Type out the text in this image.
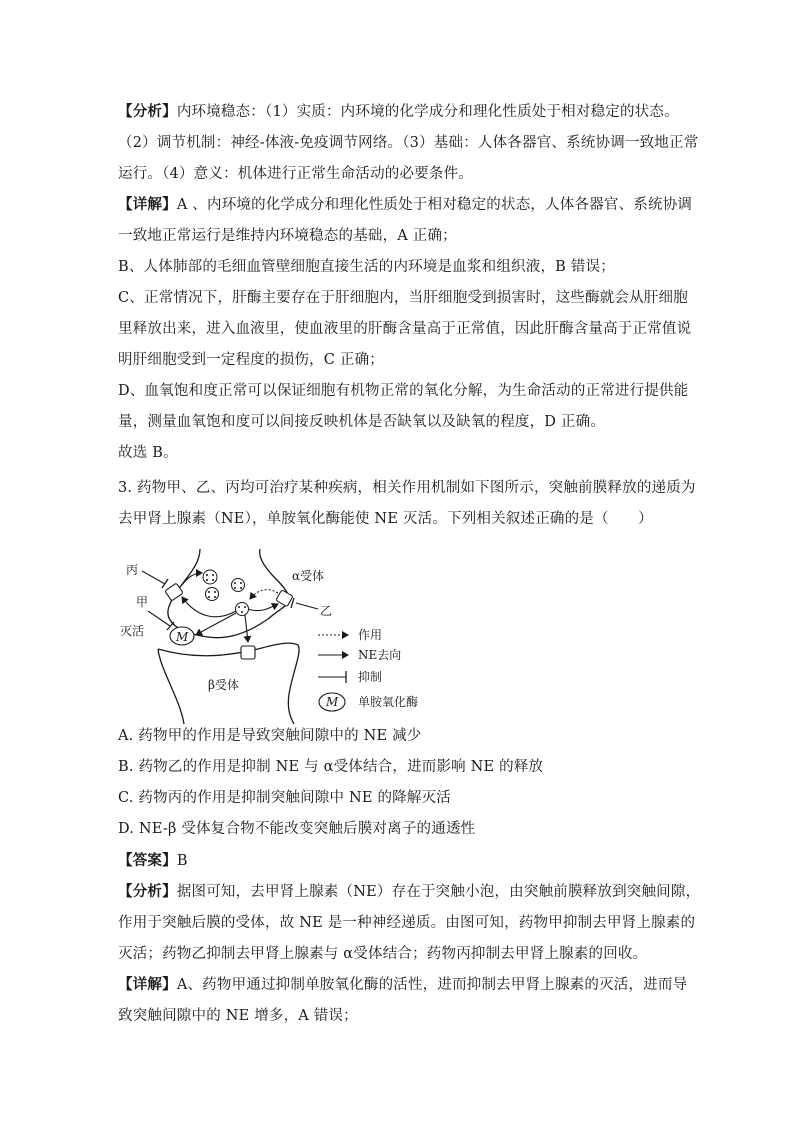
【分析】内环境稳态：（1）实质：内环境的化学成分和理化性质处于相对稳定的状态。
（2）调节机制：神经-体液-免疫调节网络。（3）基础：人体各器官、系统协调一致地正常
运行。（4）意义：机体进行正常生命活动的必要条件。
【详解】A 、内环境的化学成分和理化性质处于相对稳定的状态，人体各器官、系统协调
一致地正常运行是维持内环境稳态的基础，A 正确；
B、人体肺部的毛细血管壁细胞直接生活的内环境是血浆和组织液，B 错误；
C、正常情况下，肝酶主要存在于肝细胞内，当肝细胞受到损害时，这些酶就会从肝细胞
里释放出来，进入血液里，使血液里的肝酶含量高于正常值，因此肝酶含量高于正常值说
明肝细胞受到一定程度的损伤，C 正确；
D、血氧饱和度正常可以保证细胞有机物正常的氧化分解，为生命活动的正常进行提供能
量，测量血氧饱和度可以间接反映机体是否缺氧以及缺氧的程度，D 正确。
故选 B。
3. 药物甲、乙、丙均可治疗某种疾病，相关作用机制如下图所示，突触前膜释放的递质为
去甲肾上腺素（NE），单胺氧化酶能使 NE 灭活。下列相关叙述正确的是（　　）
M
丙
甲
灭活
α受体
乙
β受体
作用
NE去向
抑制
M 单胺氧化酶
A. 药物甲的作用是导致突触间隙中的 NE 减少
B. 药物乙的作用是抑制 NE 与 α受体结合，进而影响 NE 的释放
C. 药物丙的作用是抑制突触间隙中 NE 的降解灭活
D. NE-β 受体复合物不能改变突触后膜对离子的通透性
【答案】B
【分析】据图可知，去甲肾上腺素（NE）存在于突触小泡，由突触前膜释放到突触间隙，
作用于突触后膜的受体，故 NE 是一种神经递质。由图可知，药物甲抑制去甲肾上腺素的
灭活；药物乙抑制去甲肾上腺素与 α受体结合；药物丙抑制去甲肾上腺素的回收。
【详解】A、药物甲通过抑制单胺氧化酶的活性，进而抑制去甲肾上腺素的灭活，进而导
致突触间隙中的 NE 增多，A 错误；
